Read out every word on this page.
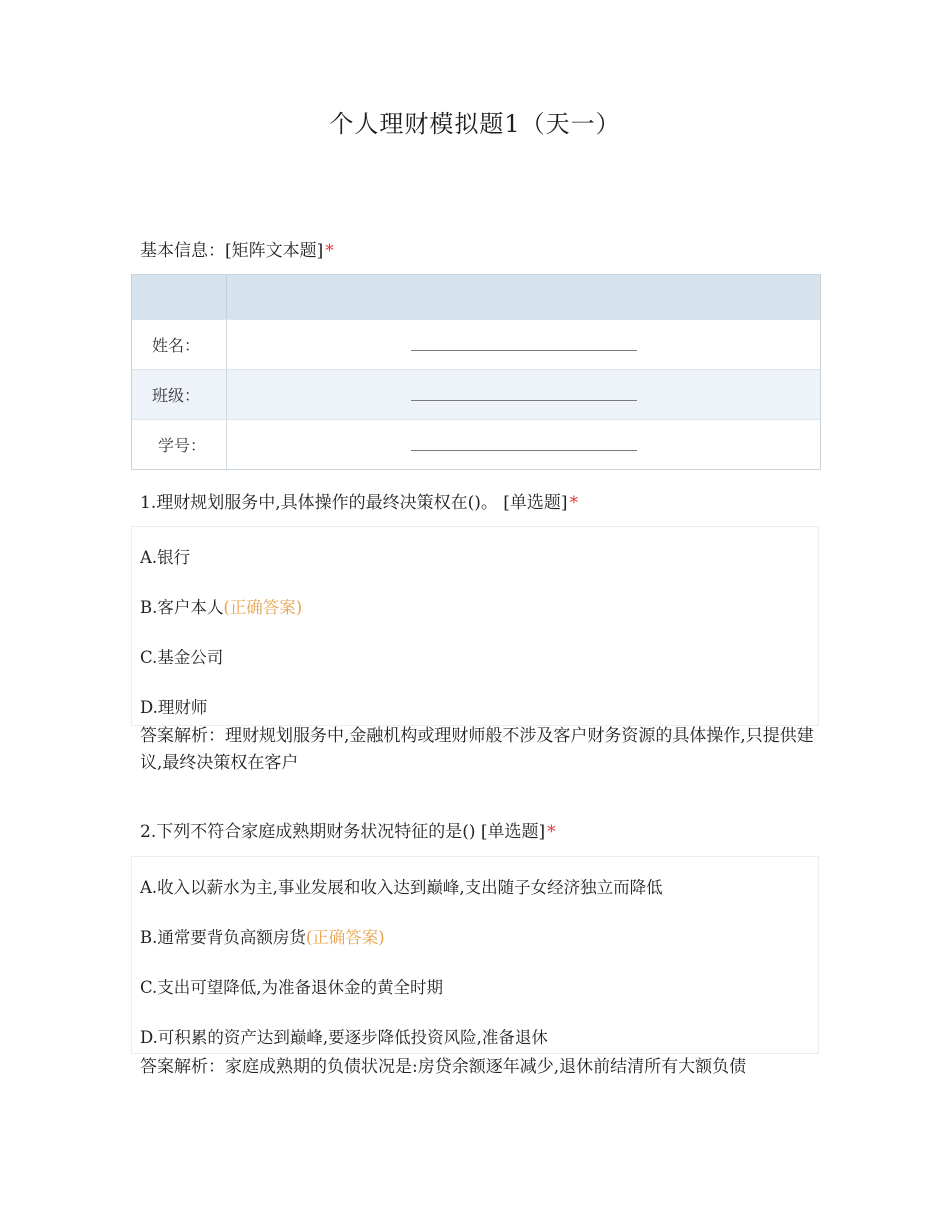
个人理财模拟题1（天一）
基本信息：[矩阵文本题] *
姓名：
班级：
学号：
1.理财规划服务中,具体操作的最终决策权在()。 [单选题] *
A.银行
B.客户本人(正确答案)
C.基金公司
D.理财师
答案解析：理财规划服务中,金融机构或理财师般不涉及客户财务资源的具体操作,只提供建议,最终决策权在客户
2.下列不符合家庭成熟期财务状况特征的是() [单选题] *
A.收入以薪水为主,事业发展和收入达到巅峰,支出随子女经济独立而降低
B.通常要背负高额房货(正确答案)
C.支出可望降低,为准备退休金的黄全时期
D.可积累的资产达到巅峰,要逐步降低投资风险,准备退休
答案解析：家庭成熟期的负债状况是:房贷余额逐年减少,退休前结清所有大额负债
